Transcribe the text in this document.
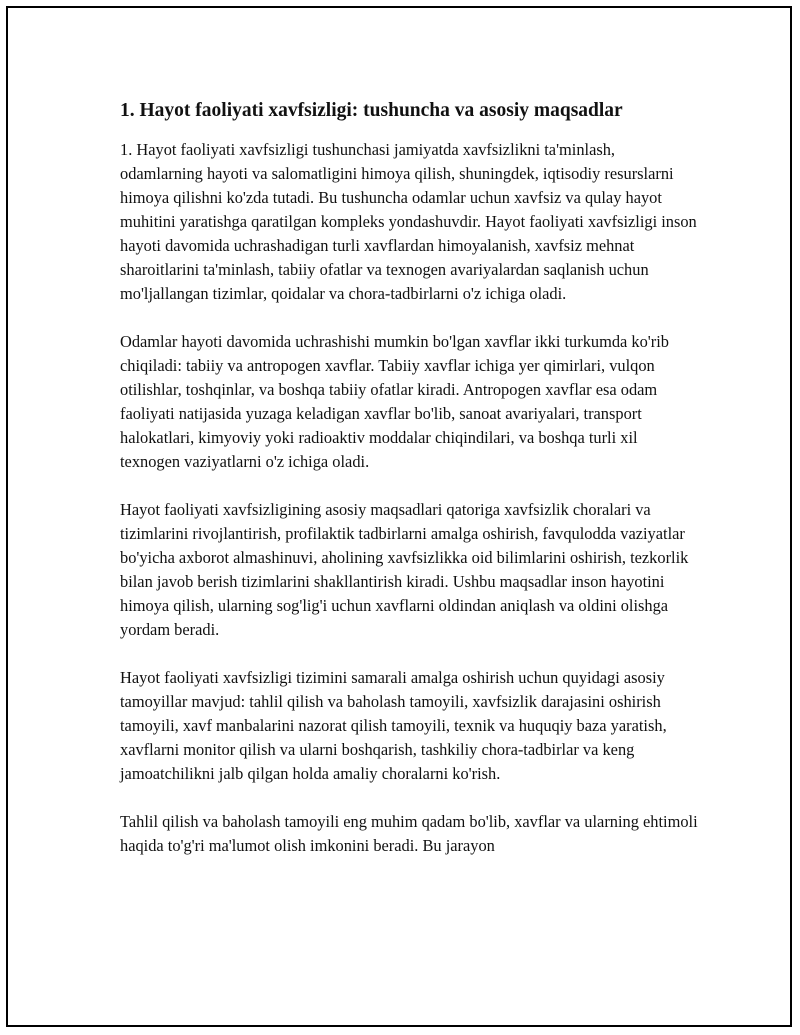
1. Hayot faoliyati xavfsizligi: tushuncha va asosiy maqsadlar

1. Hayot faoliyati xavfsizligi tushunchasi jamiyatda xavfsizlikni ta'minlash, odamlarning hayoti va salomatligini himoya qilish, shuningdek, iqtisodiy resurslarni himoya qilishni ko'zda tutadi. Bu tushuncha odamlar uchun xavfsiz va qulay hayot muhitini yaratishga qaratilgan kompleks yondashuvdir. Hayot faoliyati xavfsizligi inson hayoti davomida uchrashadigan turli xavflardan himoyalanish, xavfsiz mehnat sharoitlarini ta'minlash, tabiiy ofatlar va texnogen avariyalardan saqlanish uchun mo'ljallangan tizimlar, qoidalar va chora-tadbirlarni o'z ichiga oladi.

Odamlar hayoti davomida uchrashishi mumkin bo'lgan xavflar ikki turkumda ko'rib chiqiladi: tabiiy va antropogen xavflar. Tabiiy xavflar ichiga yer qimirlari, vulqon otilishlar, toshqinlar, va boshqa tabiiy ofatlar kiradi. Antropogen xavflar esa odam faoliyati natijasida yuzaga keladigan xavflar bo'lib, sanoat avariyalari, transport halokatlari, kimyoviy yoki radioaktiv moddalar chiqindilari, va boshqa turli xil texnogen vaziyatlarni o'z ichiga oladi.

Hayot faoliyati xavfsizligining asosiy maqsadlari qatoriga xavfsizlik choralari va tizimlarini rivojlantirish, profilaktik tadbirlarni amalga oshirish, favqulodda vaziyatlar bo'yicha axborot almashinuvi, aholining xavfsizlikka oid bilimlarini oshirish, tezkorlik bilan javob berish tizimlarini shakllantirish kiradi. Ushbu maqsadlar inson hayotini himoya qilish, ularning sog'lig'i uchun xavflarni oldindan aniqlash va oldini olishga yordam beradi.

Hayot faoliyati xavfsizligi tizimini samarali amalga oshirish uchun quyidagi asosiy tamoyillar mavjud: tahlil qilish va baholash tamoyili, xavfsizlik darajasini oshirish tamoyili, xavf manbalarini nazorat qilish tamoyili, texnik va huquqiy baza yaratish, xavflarni monitor qilish va ularni boshqarish, tashkiliy chora-tadbirlar va keng jamoatchilikni jalb qilgan holda amaliy choralarni ko'rish.

Tahlil qilish va baholash tamoyili eng muhim qadam bo'lib, xavflar va ularning ehtimoli haqida to'g'ri ma'lumot olish imkonini beradi. Bu jarayon
